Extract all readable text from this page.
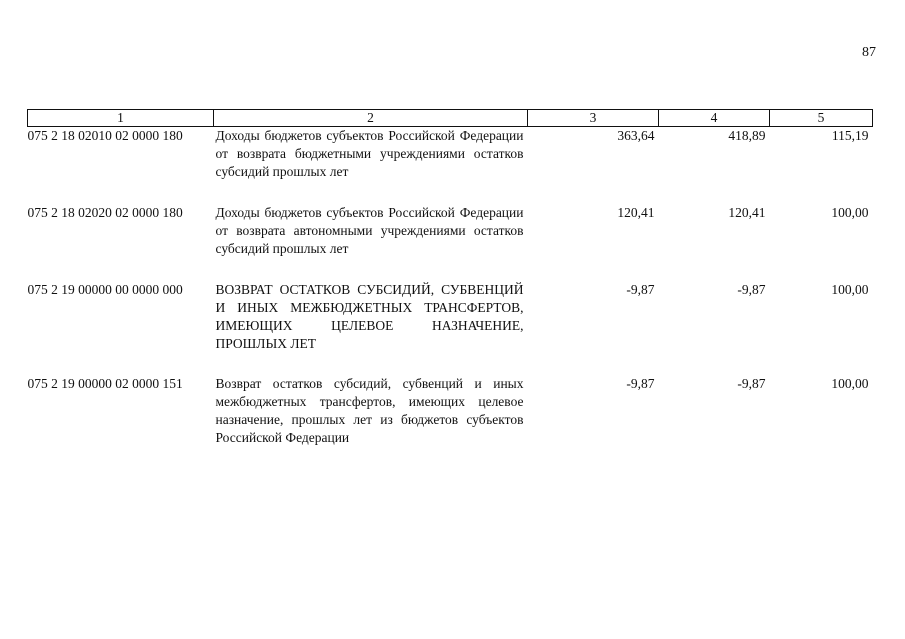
87
1	2	3	4	5
075 2 18 02010 02 0000 180	Доходы бюджетов субъектов Российской Федерации от возврата бюджетными учреждениями остатков субсидий прошлых лет	363,64	418,89	115,19
075 2 18 02020 02 0000 180	Доходы бюджетов субъектов Российской Федерации от возврата автономными учреждениями остатков субсидий прошлых лет	120,41	120,41	100,00
075 2 19 00000 00 0000 000	ВОЗВРАТ ОСТАТКОВ СУБСИДИЙ, СУБВЕНЦИЙ И ИНЫХ МЕЖБЮДЖЕТНЫХ ТРАНСФЕРТОВ, ИМЕЮЩИХ ЦЕЛЕВОЕ НАЗНАЧЕНИЕ, ПРОШЛЫХ ЛЕТ	-9,87	-9,87	100,00
075 2 19 00000 02 0000 151	Возврат остатков субсидий, субвенций и иных межбюджетных трансфертов, имеющих целевое назначение, прошлых лет из бюджетов субъектов Российской Федерации	-9,87	-9,87	100,00
